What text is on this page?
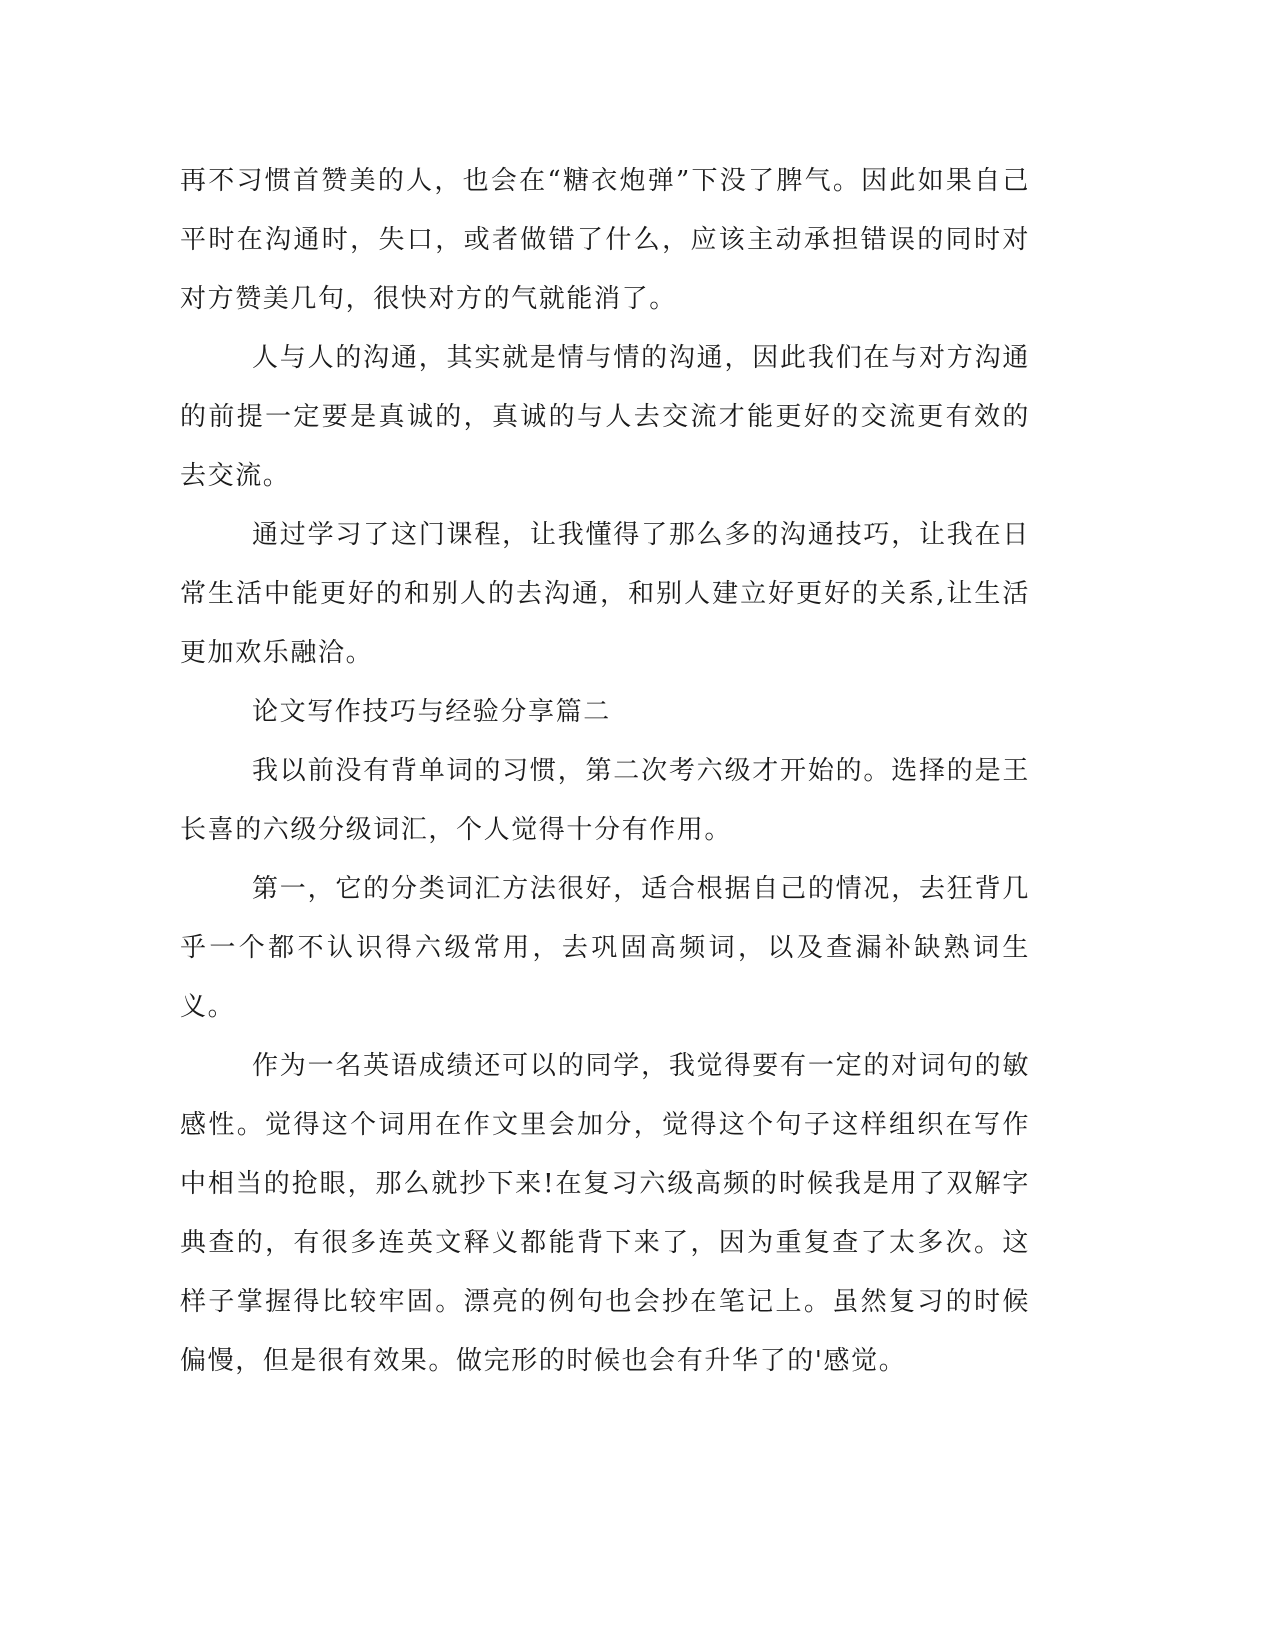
再不习惯首赞美的人，也会在“糖衣炮弹”下没了脾气。因此如果自己平时在沟通时，失口，或者做错了什么，应该主动承担错误的同时对对方赞美几句，很快对方的气就能消了。

人与人的沟通，其实就是情与情的沟通，因此我们在与对方沟通的前提一定要是真诚的，真诚的与人去交流才能更好的交流更有效的去交流。

通过学习了这门课程，让我懂得了那么多的沟通技巧，让我在日常生活中能更好的和别人的去沟通，和别人建立好更好的关系,让生活更加欢乐融洽。

论文写作技巧与经验分享篇二

我以前没有背单词的习惯，第二次考六级才开始的。选择的是王长喜的六级分级词汇，个人觉得十分有作用。

第一，它的分类词汇方法很好，适合根据自己的情况，去狂背几乎一个都不认识得六级常用，去巩固高频词，以及查漏补缺熟词生义。

作为一名英语成绩还可以的同学，我觉得要有一定的对词句的敏感性。觉得这个词用在作文里会加分，觉得这个句子这样组织在写作中相当的抢眼，那么就抄下来!在复习六级高频的时候我是用了双解字典查的，有很多连英文释义都能背下来了，因为重复查了太多次。这样子掌握得比较牢固。漂亮的例句也会抄在笔记上。虽然复习的时候偏慢，但是很有效果。做完形的时候也会有升华了的'感觉。
